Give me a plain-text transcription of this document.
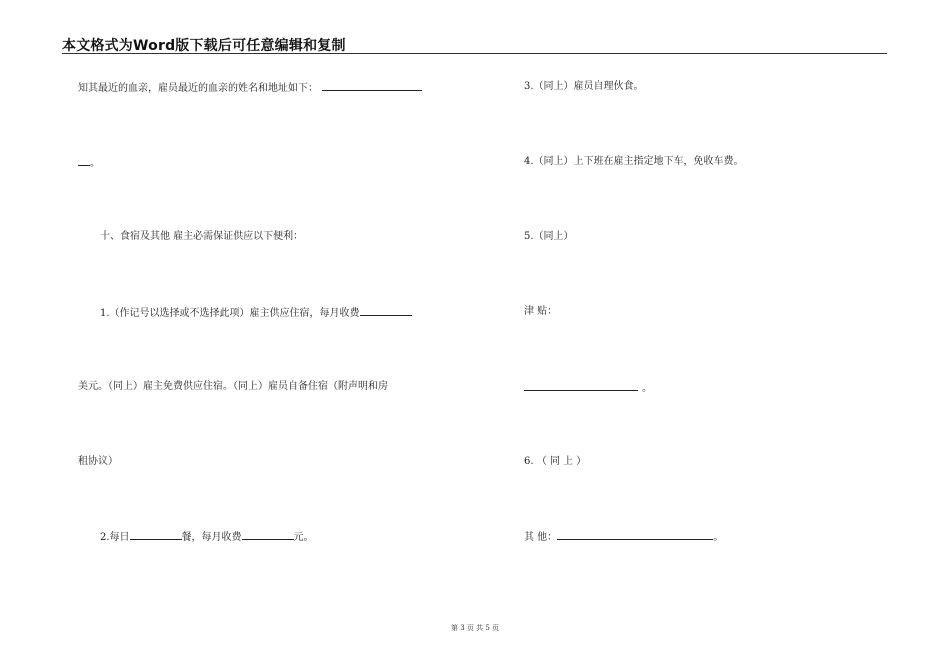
本文格式为Word版下载后可任意编辑和复制
知其最近的血亲，雇员最近的血亲的姓名和地址如下：
。
十、食宿及其他 雇主必需保证供应以下便利：
1.（作记号以选择或不选择此项）雇主供应住宿，每月收费
美元。（同上）雇主免费供应住宿。（同上）雇员自备住宿（附声明和房
租协议）
2.每日	餐，每月收费	元。
3.（同上）雇员自理伙食。
4.（同上）上下班在雇主指定地下车，免收车费。
5.（同上）
津 贴：
。
6. （ 同 上 ）
其 他：	。
第 3 页 共 5 页
